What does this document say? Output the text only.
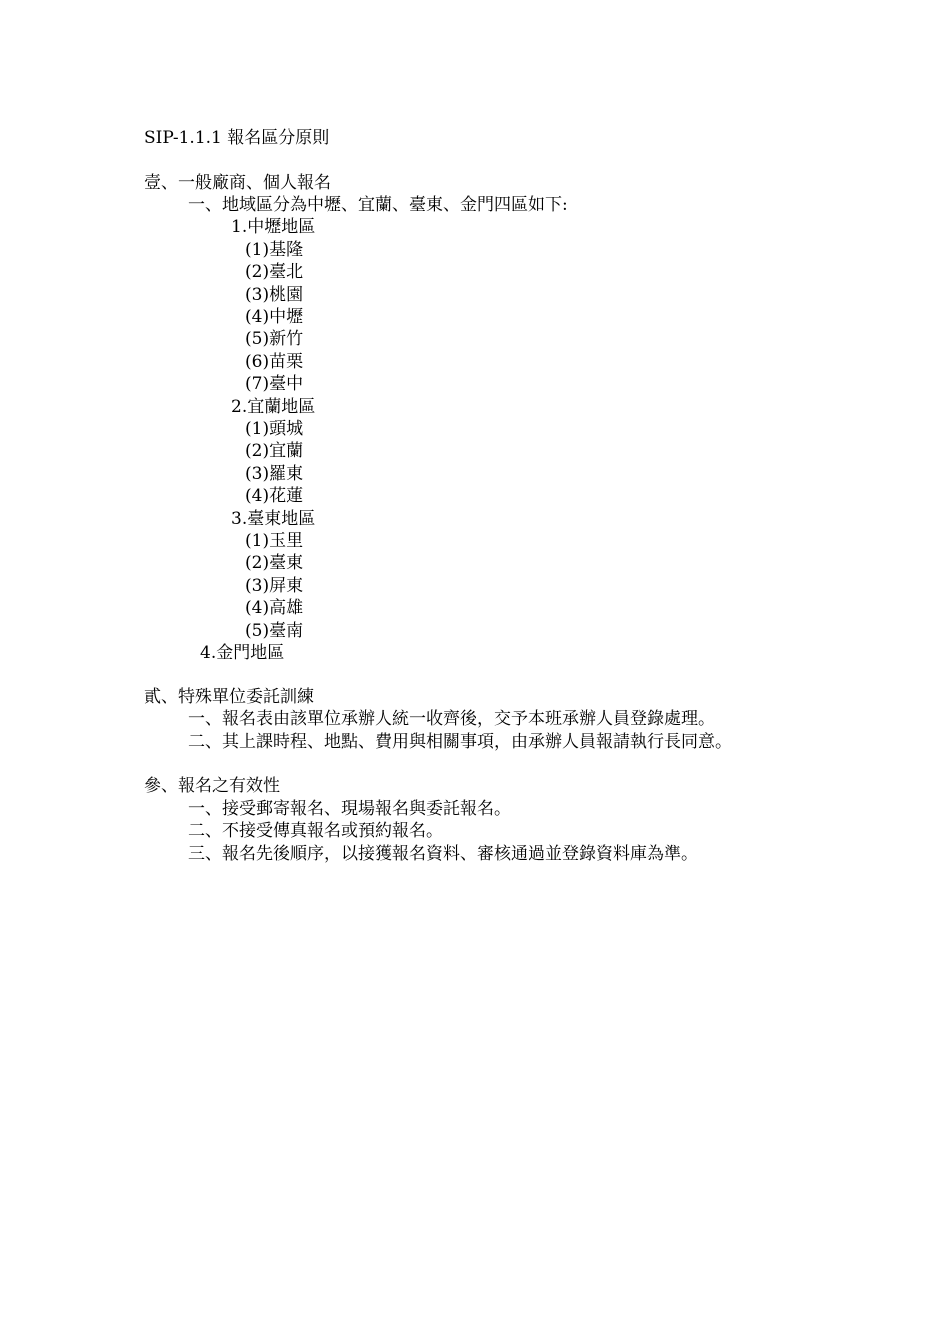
SIP-1.1.1 報名區分原則
壹、一般廠商、個人報名
一、地域區分為中壢、宜蘭、臺東、金門四區如下:
1.中壢地區
(1)基隆
(2)臺北
(3)桃園
(4)中壢
(5)新竹
(6)苗栗
(7)臺中
2.宜蘭地區
(1)頭城
(2)宜蘭
(3)羅東
(4)花蓮
3.臺東地區
(1)玉里
(2)臺東
(3)屏東
(4)高雄
(5)臺南
4.金門地區
貳、特殊單位委託訓練
一、報名表由該單位承辦人統一收齊後，交予本班承辦人員登錄處理。
二、其上課時程、地點、費用與相關事項，由承辦人員報請執行長同意。
參、報名之有效性
一、接受郵寄報名、現場報名與委託報名。
二、不接受傳真報名或預約報名。
三、報名先後順序，以接獲報名資料、審核通過並登錄資料庫為準。
